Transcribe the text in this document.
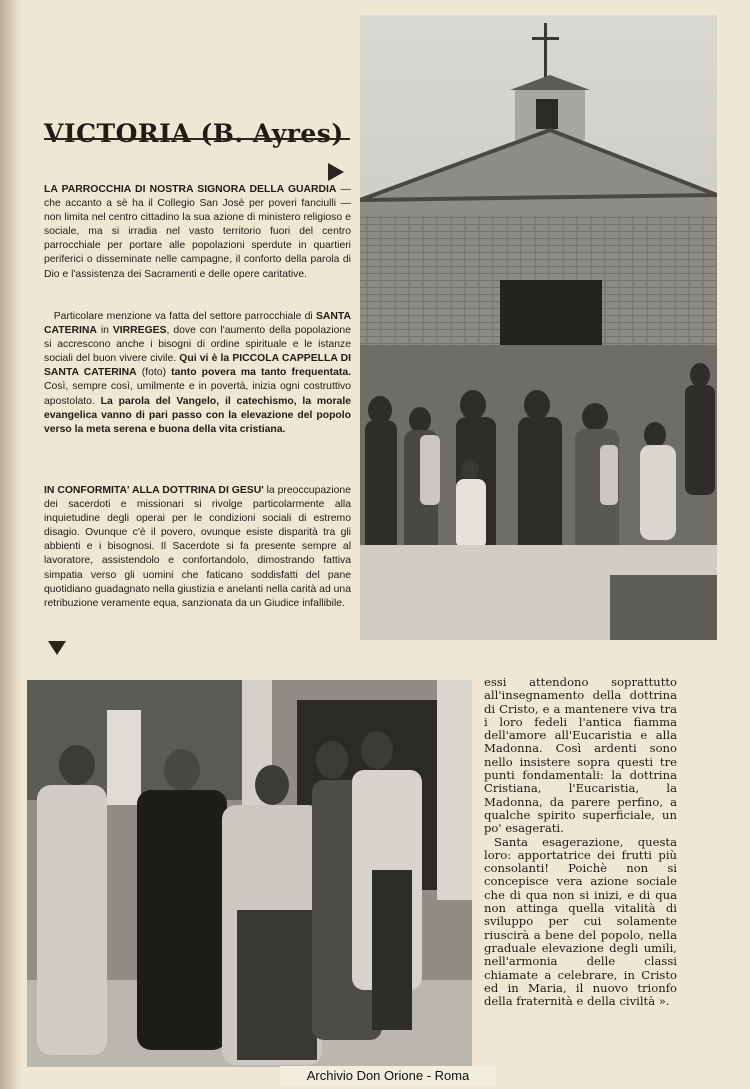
VICTORIA (B. Ayres)

LA PARROCCHIA DI NOSTRA SIGNORA DELLA GUARDIA — che accanto a sè ha il Collegio San Josè per poveri fanciulli — non limita nel centro cittadino la sua azione di ministero religioso e sociale, ma si irradia nel vasto territorio fuori del centro parrocchiale per portare alle popolazioni sperdute in quartieri periferici o disseminate nelle campagne, il conforto della parola di Dio e l'assistenza dei Sacramenti e delle opere caritative.

Particolare menzione va fatta del settore parrocchiale di SANTA CATERINA in VIRREGES, dove con l'aumento della popolazione si accrescono anche i bisogni di ordine spirituale e le istanze sociali del buon vivere civile. Qui vi è la PICCOLA CAPPELLA DI SANTA CATERINA (foto) tanto povera ma tanto frequentata. Così, sempre così, umilmente e in povertà, inizia ogni costruttivo apostolato. La parola del Vangelo, il catechismo, la morale evangelica vanno di pari passo con la elevazione del popolo verso la meta serena e buona della vita cristiana.

IN CONFORMITA' ALLA DOTTRINA DI GESU' la preoccupazione dei sacerdoti e missionari si rivolge particolarmente alla inquietudine degli operai per le condizioni sociali di estremo disagio. Ovunque c'è il povero, ovunque esiste disparità tra gli abbienti e i bisognosi. Il Sacerdote si fa presente sempre al lavoratore, assistendolo e confortandolo, dimostrando fattiva simpatia verso gli uomini che faticano soddisfatti del pane quotidiano guadagnato nella giustizia e anelanti nella carità ad una retribuzione veramente equa, sanzionata da un Giudice infallibile.

essi attendono soprattutto all'insegnamento della dottrina di Cristo, e a mantenere viva tra i loro fedeli l'antica fiamma dell'amore all'Eucaristia e alla Madonna. Così ardenti sono nello insistere sopra questi tre punti fondamentali: la dottrina Cristiana, l'Eucaristia, la Madonna, da parere perfino, a qualche spirito superficiale, un po' esagerati.

Santa esagerazione, questa loro: apportatrice dei frutti più consolanti! Poichè non si concepisce vera azione sociale che di qua non si inizi, e di qua non attinga quella vitalità di sviluppo per cui solamente riuscirà a bene del popolo, nella graduale elevazione degli umili, nell'armonia delle classi chiamate a celebrare, in Cristo ed in Maria, il nuovo trionfo della fraternità e della civiltà ».

Archivio Don Orione - Roma
